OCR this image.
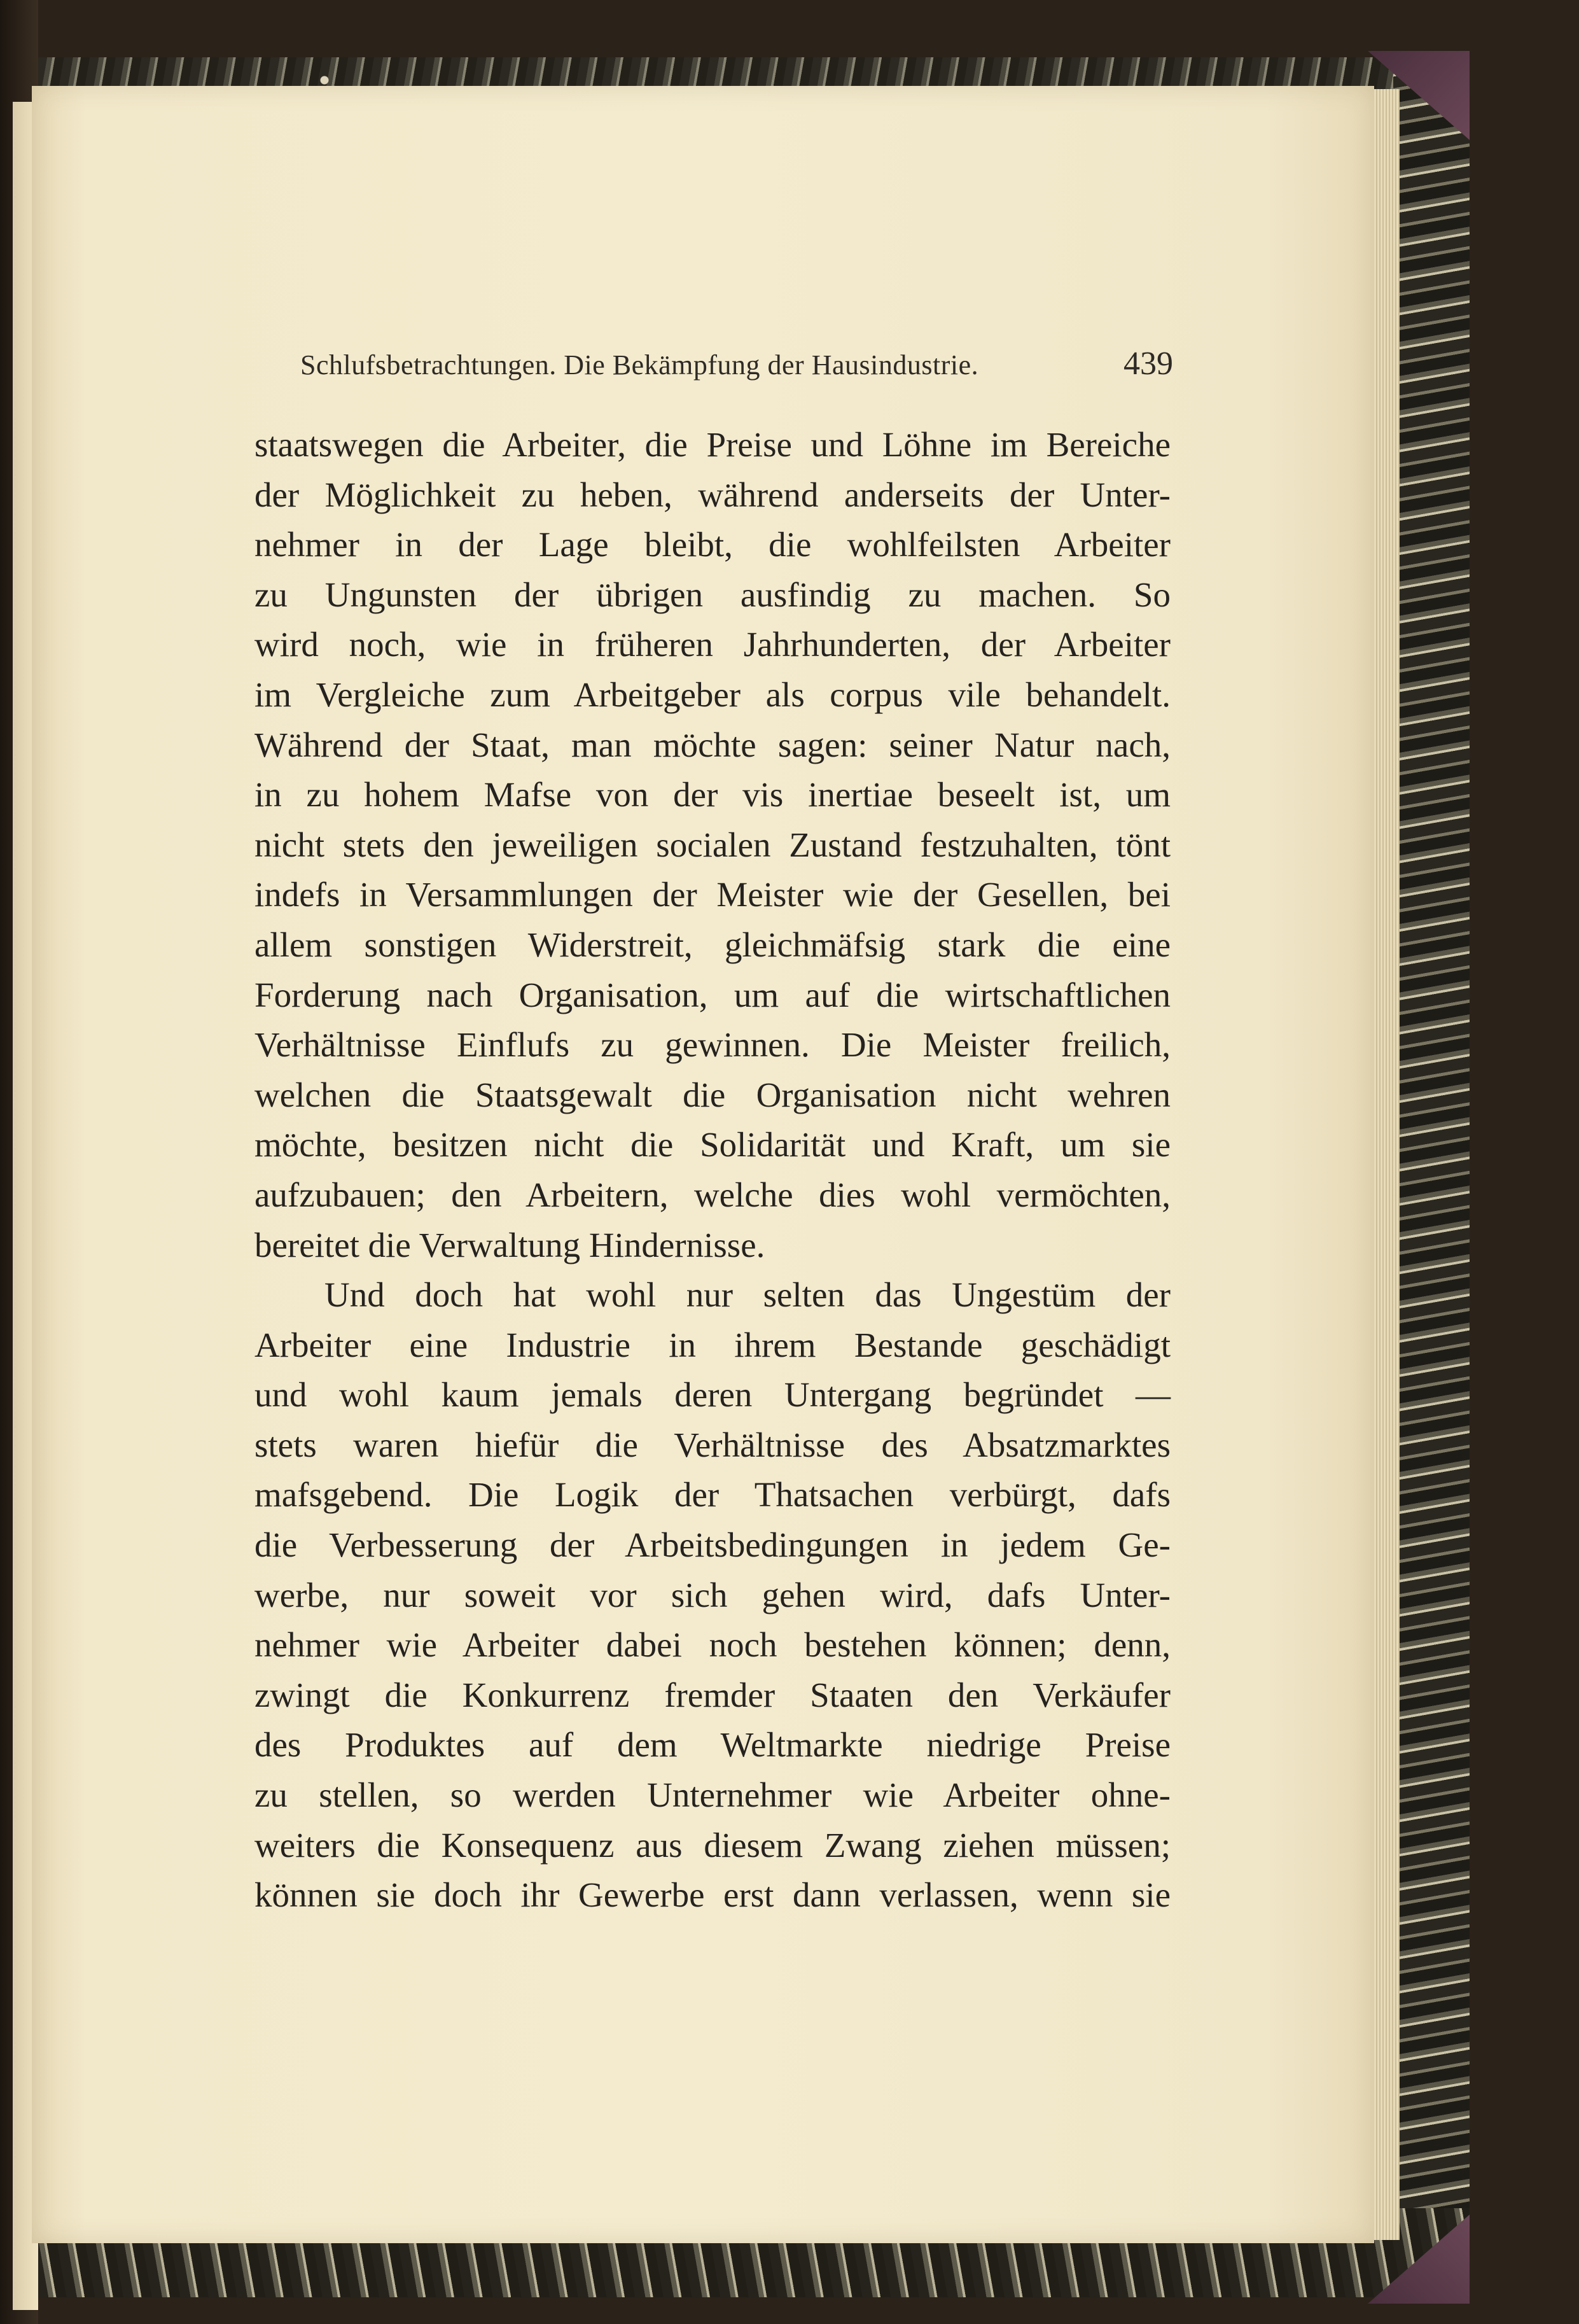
Schlufsbetrachtungen. Die Bekämpfung der Hausindustrie.	439
staatswegen die Arbeiter, die Preise und Löhne im Bereiche
der Möglichkeit zu heben, während anderseits der Unter-
nehmer in der Lage bleibt, die wohlfeilsten Arbeiter
zu Ungunsten der übrigen ausfindig zu machen. So
wird noch, wie in früheren Jahrhunderten, der Arbeiter
im Vergleiche zum Arbeitgeber als corpus vile behandelt.
Während der Staat, man möchte sagen: seiner Natur nach,
in zu hohem Mafse von der vis inertiae beseelt ist, um
nicht stets den jeweiligen socialen Zustand festzuhalten, tönt
indefs in Versammlungen der Meister wie der Gesellen, bei
allem sonstigen Widerstreit, gleichmäfsig stark die eine
Forderung nach Organisation, um auf die wirtschaftlichen
Verhältnisse Einflufs zu gewinnen. Die Meister freilich,
welchen die Staatsgewalt die Organisation nicht wehren
möchte, besitzen nicht die Solidarität und Kraft, um sie
aufzubauen; den Arbeitern, welche dies wohl vermöchten,
bereitet die Verwaltung Hindernisse.
Und doch hat wohl nur selten das Ungestüm der
Arbeiter eine Industrie in ihrem Bestande geschädigt
und wohl kaum jemals deren Untergang begründet —
stets waren hiefür die Verhältnisse des Absatzmarktes
mafsgebend. Die Logik der Thatsachen verbürgt, dafs
die Verbesserung der Arbeitsbedingungen in jedem Ge-
werbe, nur soweit vor sich gehen wird, dafs Unter-
nehmer wie Arbeiter dabei noch bestehen können; denn,
zwingt die Konkurrenz fremder Staaten den Verkäufer
des Produktes auf dem Weltmarkte niedrige Preise
zu stellen, so werden Unternehmer wie Arbeiter ohne-
weiters die Konsequenz aus diesem Zwang ziehen müssen;
können sie doch ihr Gewerbe erst dann verlassen, wenn sie
